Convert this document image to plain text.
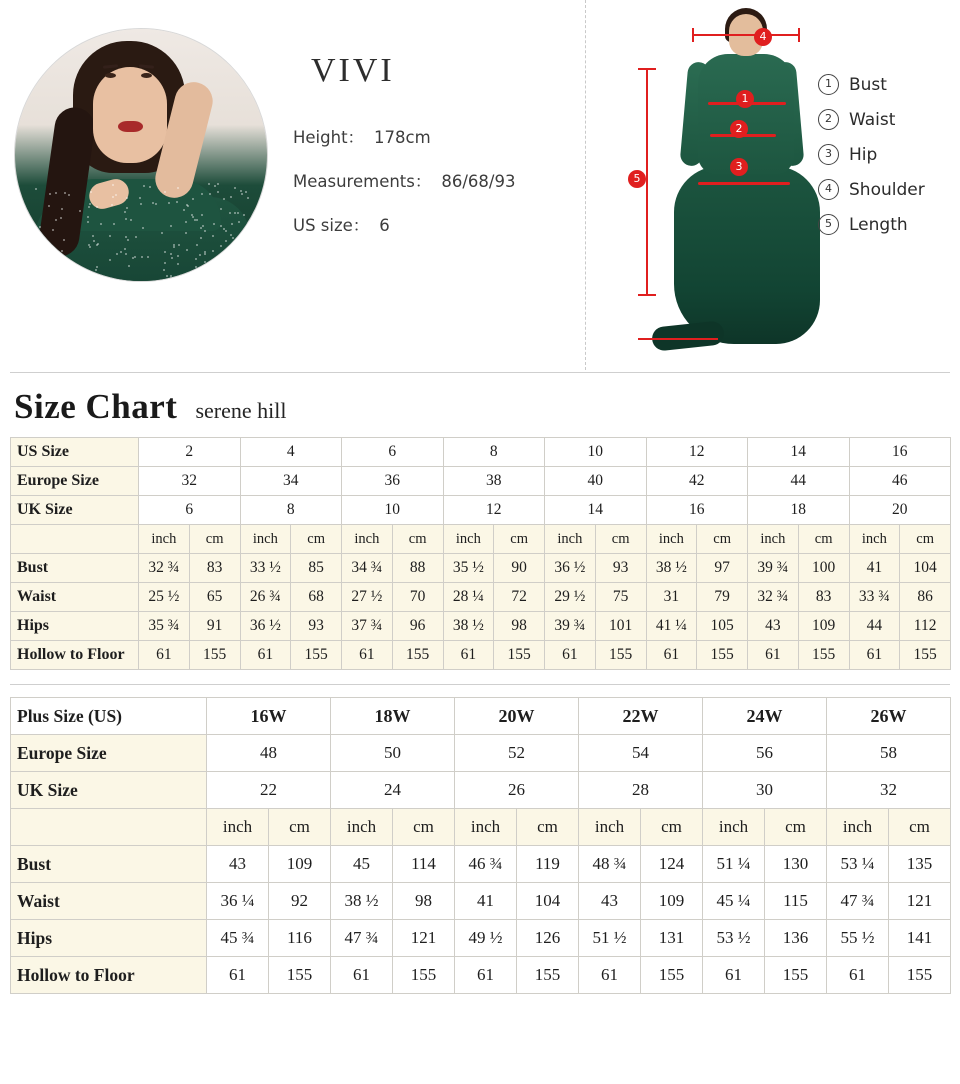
VIVI
Height： 178cm
Measurements： 86/68/93
US size： 6
1
2
3
4
5
1	Bust
2	Waist
3	Hip
4	Shoulder
5	Length
Size Chart serene hill
US Size	2		4		6		8		10		12		14		16	
Europe Size	32		34		36		38		40		42		44		46	
UK Size	6		8		10		12		14		16		18		20	
	inch	cm	inch	cm	inch	cm	inch	cm	inch	cm	inch	cm	inch	cm	inch	cm
Bust	32 ¾	83	33 ½	85	34 ¾	88	35 ½	90	36 ½	93	38 ½	97	39 ¾	100	41	104
Waist	25 ½	65	26 ¾	68	27 ½	70	28 ¼	72	29 ½	75	31	79	32 ¾	83	33 ¾	86
Hips	35 ¾	91	36 ½	93	37 ¾	96	38 ½	98	39 ¾	101	41 ¼	105	43	109	44	112
Hollow to Floor	61	155	61	155	61	155	61	155	61	155	61	155	61	155	61	155
Plus Size (US)	16W		18W		20W		22W		24W		26W	
Europe Size	48		50		52		54		56		58	
UK Size	22		24		26		28		30		32	
	inch	cm	inch	cm	inch	cm	inch	cm	inch	cm	inch	cm
Bust	43	109	45	114	46 ¾	119	48 ¾	124	51 ¼	130	53 ¼	135
Waist	36 ¼	92	38 ½	98	41	104	43	109	45 ¼	115	47 ¾	121
Hips	45 ¾	116	47 ¾	121	49 ½	126	51 ½	131	53 ½	136	55 ½	141
Hollow to Floor	61	155	61	155	61	155	61	155	61	155	61	155
